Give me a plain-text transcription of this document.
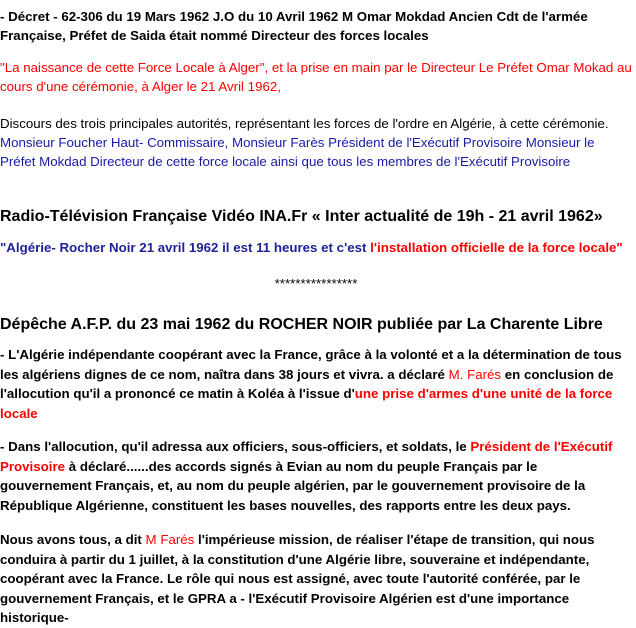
- Décret - 62-306 du 19 Mars 1962 J.O du 10 Avril 1962 M Omar Mokdad Ancien Cdt de l'armée Française, Préfet de Saida était nommé Directeur des forces locales

"La naissance de cette Force Locale à Alger", et la prise en main par le Directeur Le Préfet Omar Mokad au cours d'une cérémonie, à Alger le 21 Avril 1962,

Discours des trois principales autorités, représentant les forces de l'ordre en Algérie, à cette cérémonie. Monsieur Foucher Haut- Commissaire, Monsieur Farès Président de l'Exécutif Provisoire Monsieur le Préfet Mokdad Directeur de cette force locale ainsi que tous les membres de l'Exécutif Provisoire

Radio-Télévision Française Vidéo INA.Fr « Inter actualité de 19h - 21 avril 1962»

"Algérie- Rocher Noir 21 avril 1962 il est 11 heures et c'est l'installation officielle de la force locale"

****************

Dépêche A.F.P. du 23 mai 1962 du ROCHER NOIR publiée par La Charente Libre

- L'Algérie indépendante coopérant avec la France, grâce à la volonté et a la détermination de tous les algériens dignes de ce nom, naîtra dans 38 jours et vivra. a déclaré M. Farés en conclusion de l'allocution qu'il a prononcé ce matin à Koléa à l'issue d'une prise d'armes d'une unité de la force locale

- Dans l'allocution, qu'il adressa aux officiers, sous-officiers, et soldats, le Président de l'Exécutif Provisoire à déclaré......des accords signés à Evian au nom du peuple Français par le gouvernement Français, et, au nom du peuple algérien, par le gouvernement provisoire de la République Algérienne, constituent les bases nouvelles, des rapports entre les deux pays.

Nous avons tous, a dit M Farés l'impérieuse mission, de réaliser l'étape de transition, qui nous conduira à partir du 1 juillet, à la constitution d'une Algérie libre, souveraine et indépendante, coopérant avec la France. Le rôle qui nous est assigné, avec toute l'autorité conférée, par le gouvernement Français, et le GPRA a - l'Exécutif Provisoire Algérien est d'une importance historique-
